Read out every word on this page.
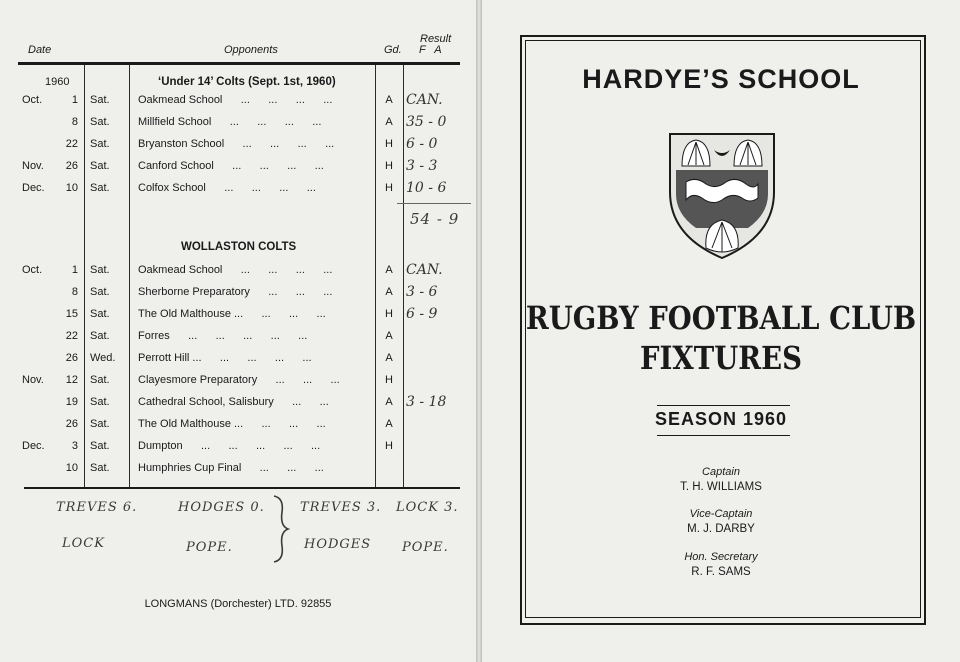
Date	Opponents	Gd.
Result
F   A
1960	‘Under 14’ Colts (Sept. 1st, 1960)
Oct.	1 Sat.	Oakmead School      ...      ...      ...      ...	A CAN.
8 Sat.	Millfield School      ...      ...      ...      ...	A 35 - 0
22 Sat.	Bryanston School      ...      ...      ...      ...	H 6 - 0
Nov.	26 Sat.	Canford School      ...      ...      ...      ...	H 3 - 3
Dec.	10 Sat.	Colfox School      ...      ...      ...      ...	H 10 - 6
54 - 9
WOLLASTON COLTS
Oct.	1 Sat.	Oakmead School      ...      ...      ...      ...	A CAN.
8 Sat.	Sherborne Preparatory      ...      ...      ...	A 3 - 6
15 Sat.	The Old Malthouse ...      ...      ...      ...	H 6 - 9
22 Sat.	Forres      ...      ...      ...      ...      ...	A
26 Wed. Perrott Hill ...      ...      ...      ...      ...	A
Nov.	12 Sat.	Clayesmore Preparatory      ...      ...      ...	H
19 Sat.	Cathedral School, Salisbury      ...      ...	A 3 - 18
26 Sat.	The Old Malthouse ...      ...      ...      ...	A
Dec.	3 Sat.	Dumpton      ...      ...      ...      ...      ...	H
10 Sat.	Humphries Cup Final      ...      ...      ...
TREVES 6.	HODGES 0.
LOCK	POPE.
TREVES 3. LOCK 3.
HODGES POPE.
LONGMANS (Dorchester) LTD. 92855
HARDYE’S SCHOOL
RUGBY FOOTBALL CLUB
FIXTURES
SEASON 1960
Captain
T. H. WILLIAMS
Vice-Captain
M. J. DARBY
Hon. Secretary
R. F. SAMS
